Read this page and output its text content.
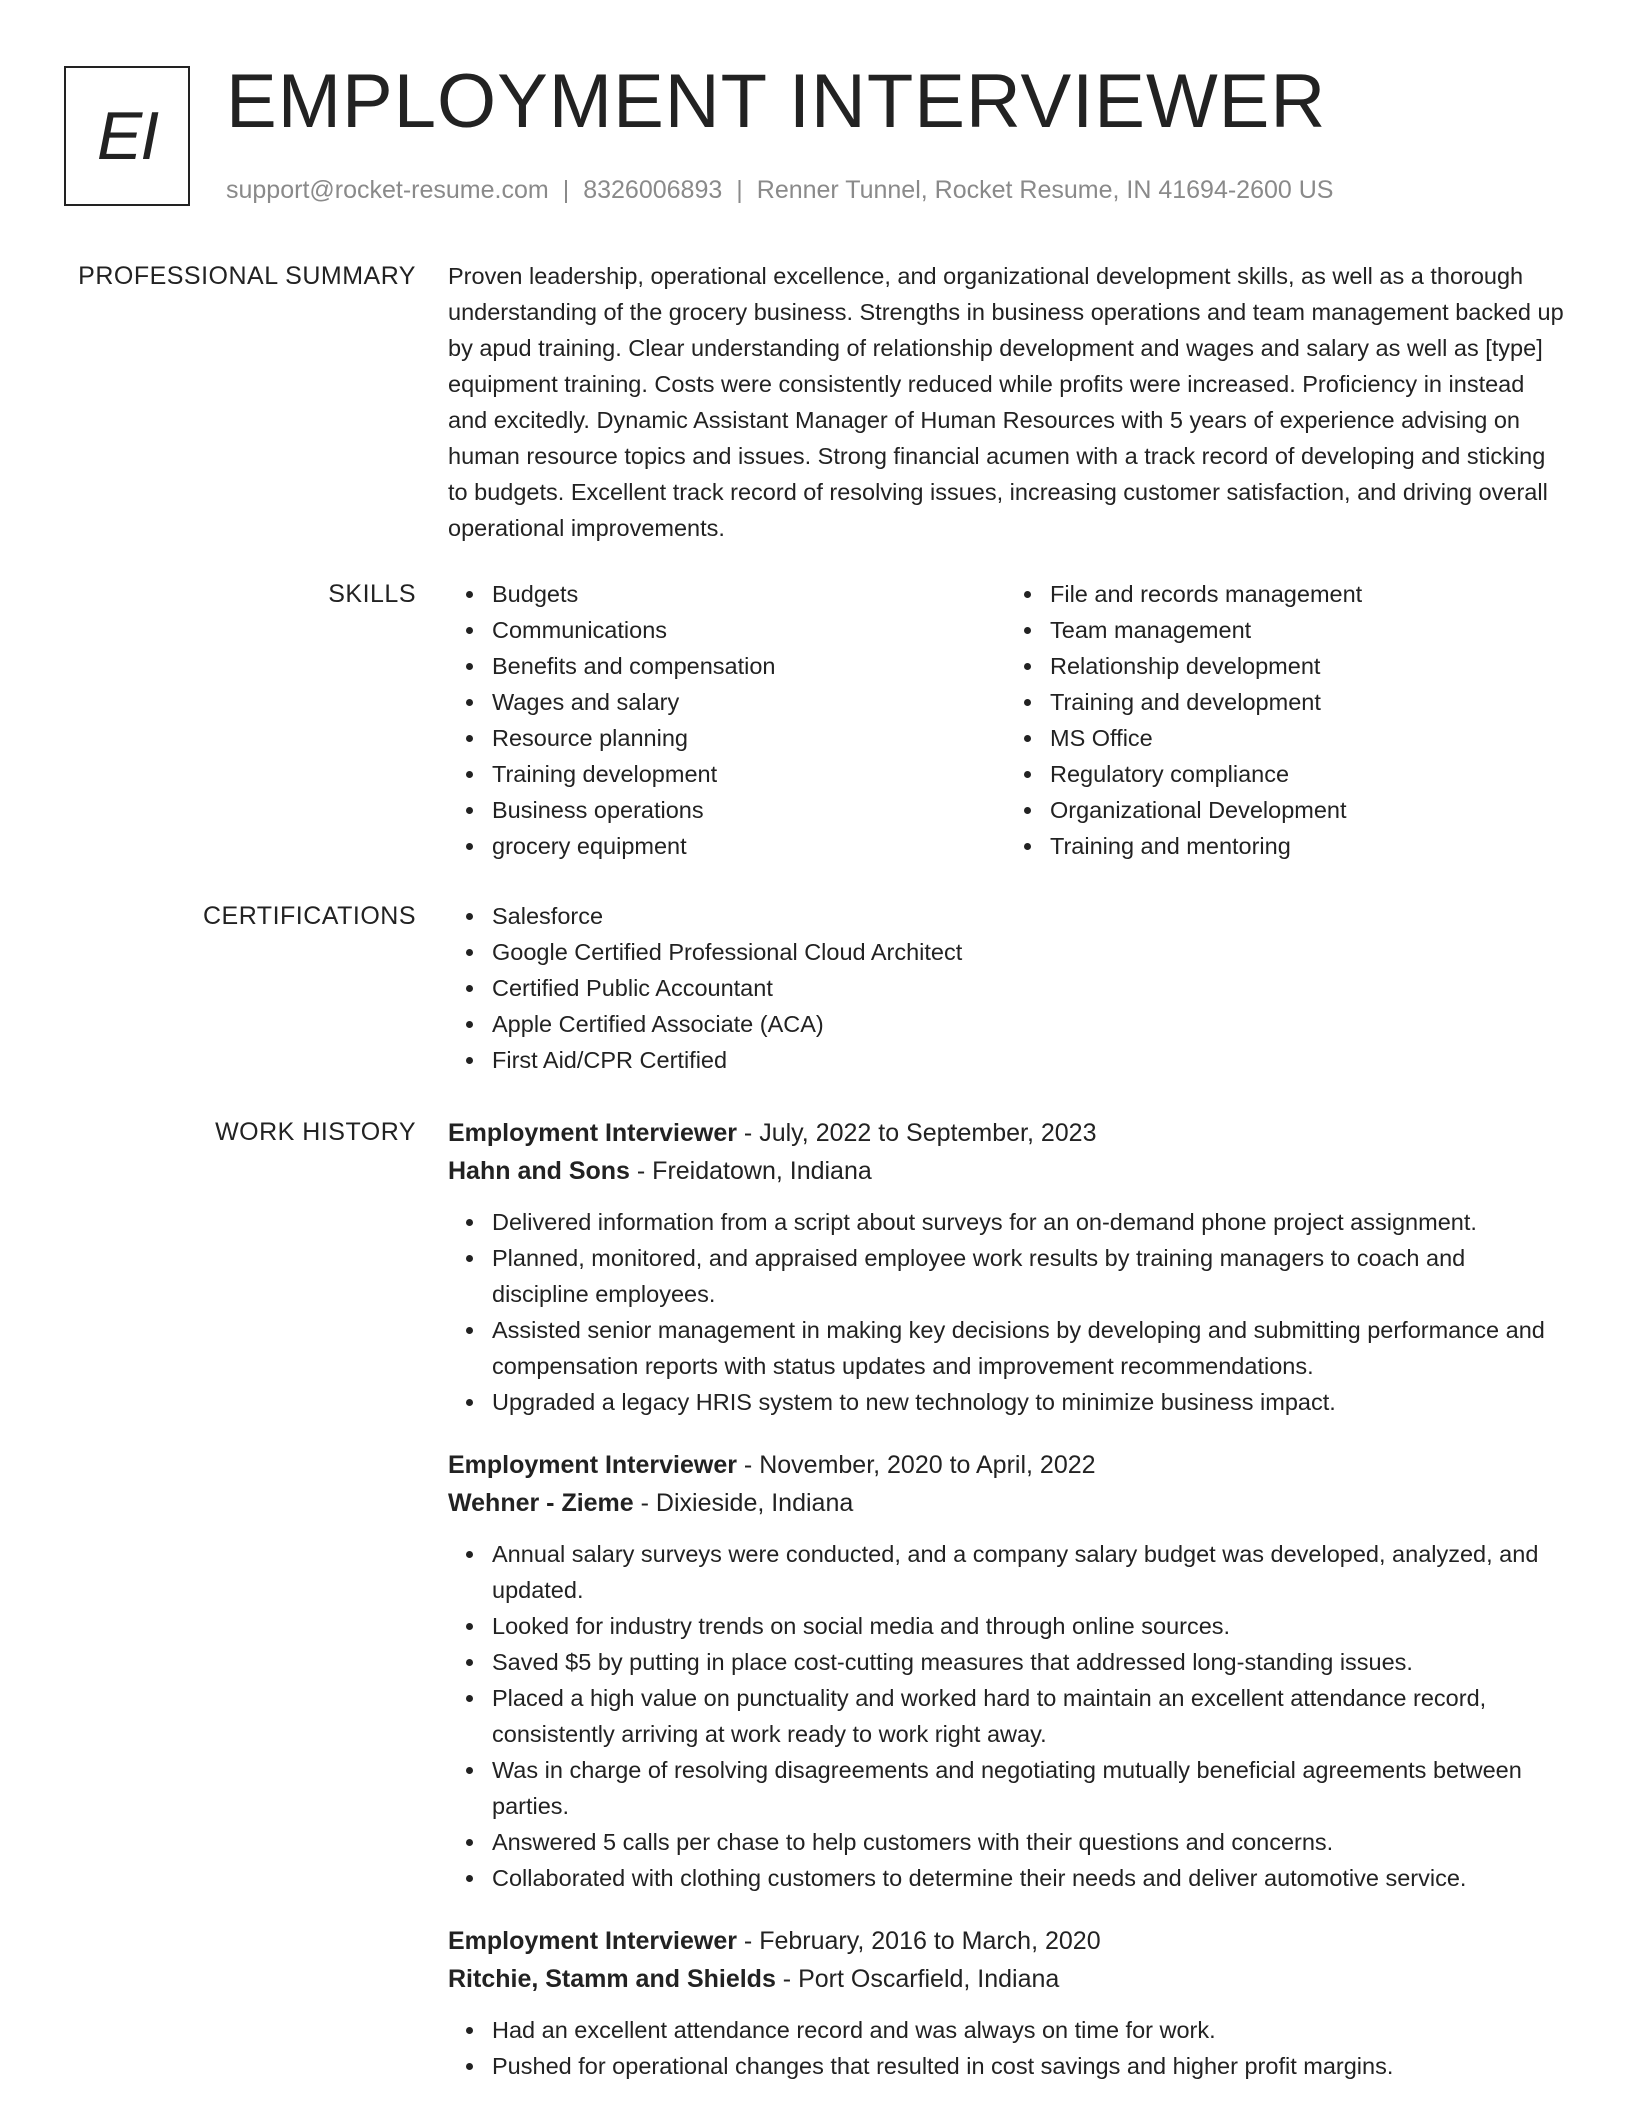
EI EMPLOYMENT INTERVIEWER
support@rocket-resume.com | 8326006893 | Renner Tunnel, Rocket Resume, IN 41694-2600 US
PROFESSIONAL SUMMARY Proven leadership, operational excellence, and organizational development skills, as well as a thorough understanding of the grocery business. Strengths in business operations and team management backed up by apud training. Clear understanding of relationship development and wages and salary as well as [type] equipment training. Costs were consistently reduced while profits were increased. Proficiency in instead and excitedly. Dynamic Assistant Manager of Human Resources with 5 years of experience advising on human resource topics and issues. Strong financial acumen with a track record of developing and sticking to budgets. Excellent track record of resolving issues, increasing customer satisfaction, and driving overall operational improvements.

SKILLS	Budgets
Communications
Benefits and compensation
Wages and salary
Resource planning
Training development
Business operations
grocery equipment
File and records management
Team management
Relationship development
Training and development
MS Office
Regulatory compliance
Organizational Development
Training and mentoring
CERTIFICATIONS	Salesforce
Google Certified Professional Cloud Architect
Certified Public Accountant
Apple Certified Associate (ACA)
First Aid/CPR Certified
WORK HISTORY Employment Interviewer - July, 2022 to September, 2023
Hahn and Sons - Freidatown, Indiana
Delivered information from a script about surveys for an on-demand phone project assignment.
Planned, monitored, and appraised employee work results by training managers to coach and discipline employees.
Assisted senior management in making key decisions by developing and submitting performance and compensation reports with status updates and improvement recommendations.
Upgraded a legacy HRIS system to new technology to minimize business impact.
Employment Interviewer - November, 2020 to April, 2022
Wehner - Zieme - Dixieside, Indiana
Annual salary surveys were conducted, and a company salary budget was developed, analyzed, and updated.
Looked for industry trends on social media and through online sources.
Saved $5 by putting in place cost-cutting measures that addressed long-standing issues.
Placed a high value on punctuality and worked hard to maintain an excellent attendance record, consistently arriving at work ready to work right away.
Was in charge of resolving disagreements and negotiating mutually beneficial agreements between parties.
Answered 5 calls per chase to help customers with their questions and concerns.
Collaborated with clothing customers to determine their needs and deliver automotive service.
Employment Interviewer - February, 2016 to March, 2020
Ritchie, Stamm and Shields - Port Oscarfield, Indiana
Had an excellent attendance record and was always on time for work.
Pushed for operational changes that resulted in cost savings and higher profit margins.
